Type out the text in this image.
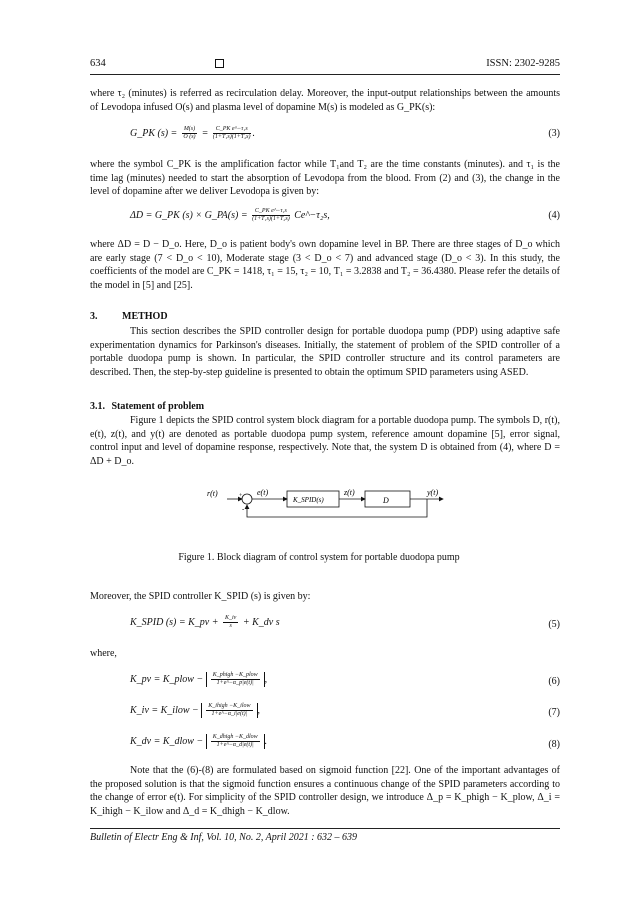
634	ISSN: 2302-9285
where τ₂ (minutes) is referred as recirculation delay. Moreover, the input-output relationships between the amounts of Levodopa infused O(s) and plasma level of dopamine M(s) is modeled as G_PK(s):
G_PK $(s) = \frac{M(s)}{O (s)} = \frac{\text{C\_PK e\textasciicircum{}−τ₁s}}{\text{(1+T₁s)(1+T₂s)}}$ .	(3)
where the symbol C_PK is the amplification factor while T₁and T₂ are the time constants (minutes). and τ₁ is the time lag (minutes) needed to start the absorption of Levodopa from the blood. From (2) and (3), the change in the level of dopamine after we deliver Levodopa is given by:
ΔD = G_PK (s) × G_PA(s) = $\frac{\text{C\_PK e\textasciicircum{}−τ₁s}}{\text{(1+T₁s)(1+T₂s)}}$ Ce^−τ₂s,	(4)
where ΔD = D − D_o. Here, D_o is patient body's own dopamine level in BP. There are three stages of D_o which are early stage (7 < D_o < 10), Moderate stage (3 < D_o < 7) and advanced stage (D_o < 3). In this study, the coefficients of the model are C_PK = 1418, τ₁ = 15, τ₂ = 10, T₁ = 3.2838 and T₂ = 36.4380. Please refer the details of the model in [5] and [25].
3. METHOD
This section describes the SPID controller design for portable duodopa pump (PDP) using adaptive safe experimentation dynamics for Parkinson's diseases. Initially, the statement of problem of the SPID controller of a portable duodopa pump is shown. In particular, the SPID controller structure and its control parameters are described. Then, the step-by-step guideline is presented to obtain the optimum SPID parameters using ASED.
3.1. Statement of problem
Figure 1 depicts the SPID control system block diagram for a portable duodopa pump. The symbols D, r(t), e(t), z(t), and y(t) are denoted as portable duodopa pump system, reference amount dopamine [5], error signal, control input and level of dopamine response, respectively. Note that, the system D is obtained from (4), where D = ΔD + D_o.
r(t)	+
-
e(t)
K_SPID(s)
z(t)
D
y(t)
Figure 1. Block diagram of control system for portable duodopa pump
Moreover, the SPID controller K_SPID (s) is given by:
K_SPID (s) = K_pv + $\frac{K\_iv}{s}$ + K_dv s	(5)
where,
K_pv = K_plow − $\frac{\text{K\_phigh −K\_plow}}{1+e\^{}-\alpha\_p|e(t)|}$ ,	(6)
K_iv = K_ilow − $\frac{\text{K\_ihigh −K\_ilow}}{1+e\^{}-\alpha\_i|e(t)|}$ ,	(7)
K_dv = K_dlow − $\frac{\text{K\_dhigh −K\_dlow}}{1+e\^{}-\alpha\_d|e(t)|}$ .	(8)
Note that the (6)-(8) are formulated based on sigmoid function [22]. One of the important advantages of the proposed solution is that the sigmoid function ensures a continuous change of the SPID parameters according to the change of error e(t). For simplicity of the SPID controller design, we introduce Δ_p = K_phigh − K_plow, Δ_i = K_ihigh − K_ilow and Δ_d = K_dhigh − K_dlow.
Bulletin of Electr Eng & Inf, Vol. 10, No. 2, April 2021 : 632 – 639
